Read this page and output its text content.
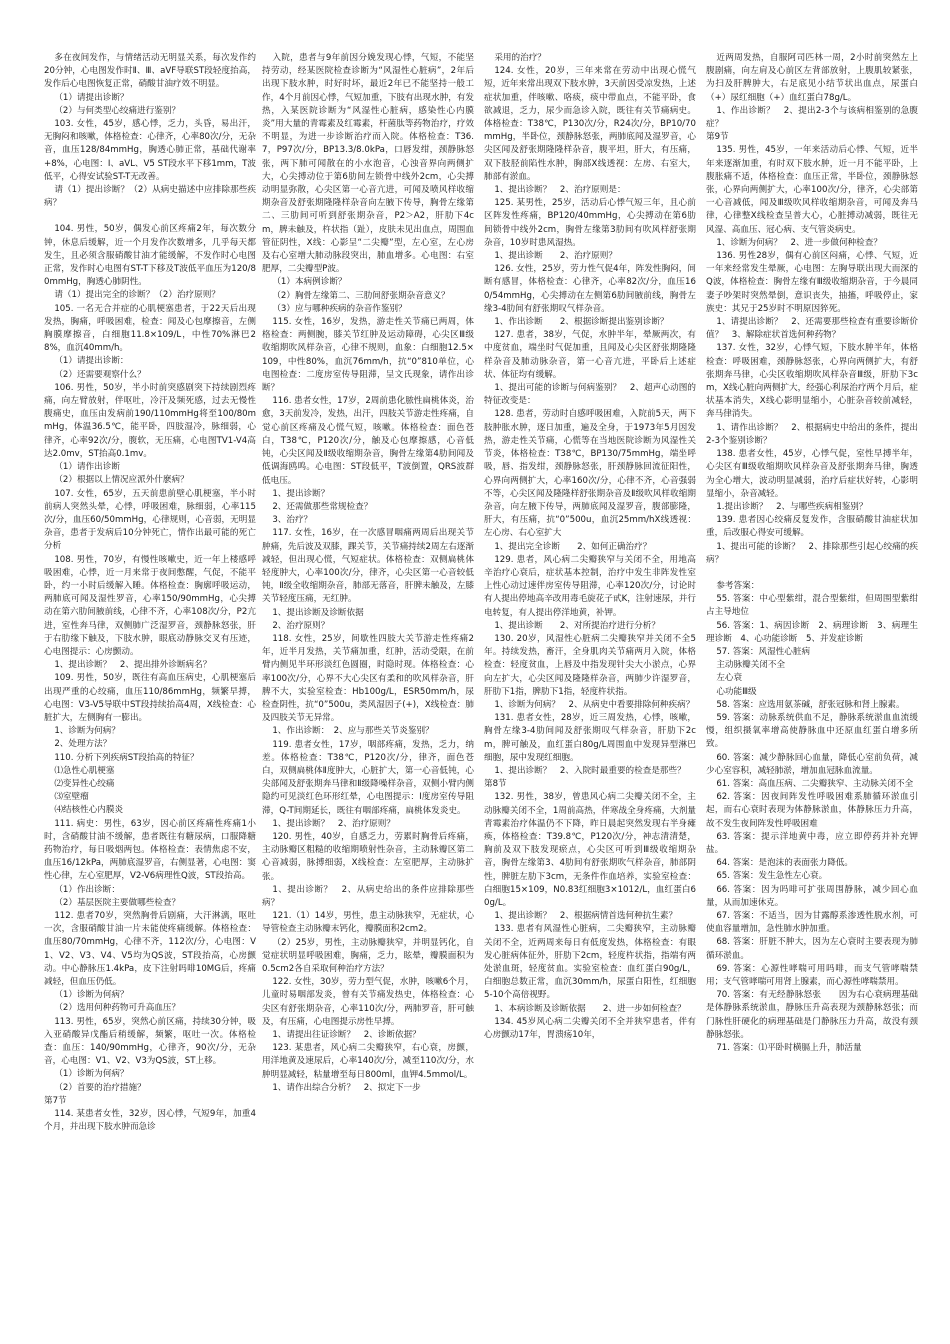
多在夜间发作，与情绪活动无明显关系，每次发作约20分钟，心电图发作时Ⅱ、Ⅲ、aVF导联ST段轻度抬高，发作后心电图恢复正常，硝酸甘油疗效不明显。

（1）请提出诊断？

（2）与何类型心绞痛进行鉴别？

103. 女性，45岁，感心悸，乏力，头昏，易出汗，无胸闷和咳嗽，体格检查：心律齐，心率80次/分，无杂音，血压128/84mmHg，胸透心肺正常，基础代谢率+8%，心电图：Ⅰ、aVL、V5 ST段水平下移1mm，T波低平，心得安试验ST-T无改善。

请（1）提出诊断？（2）从病史描述中应排除那些疾病？

104. 男性，50岁，偶发心前区疼痛2年，每次数分钟，休息后缓解，近一个月发作次数增多，几乎每天都发生，且必须含服硝酸甘油才能缓解，不发作时心电图正常，发作时心电图有ST-T下移及T波低平血压为120/80mmHg，胸透心肺阴性。

请（1）提出完全的诊断？（2）治疗原则？

105. 一名无合并症的心肌梗塞患者，于22天后出现发热，胸痛，呼吸困难，检查：闻及心包摩擦音，左侧胸膜摩擦音，白细胞11.8×109/L，中性70%淋巴28%，血沉40mm/h。

（1）请提出诊断：

（2）还需要观察什么？

106. 男性，50岁，半小时前突感剧突下持续剧烈疼痛，向左臂放射，伴呕吐，冷汗及频死感，过去无慢性腹痛史，血压由发病前190/110mmHg将至100/80mmHg，体温36.5℃，能平卧，四肢湿冷，脉细弱，心律齐，心率92次/分，腹软，无压痛，心电图TV1-V4高达2.0mv，ST抬高0.1mv。

（1）请作出诊断

（2）根据以上情况应派外什麽病？

107. 女性，65岁，五天前患前壁心肌梗塞，半小时前病人突然头晕，心悸，呼吸困难，脉细弱，心率115次/分，血压60/50mmHg，心律规则，心音弱，无明显杂音，患者于发病后10分钟死亡，情作出最可能的死亡分析

108. 男性，70岁，有慢性咳嗽史，近一年上楼感呼吸困难，心悸，近一月来常于夜间憋醒，气促，不能平卧，约一小时后缓解入睡。体格检查：胸廓呼吸运动，两肺底可闻及湿性罗音，心率150/90mmHg，心尖搏动在第六肋间腋前线，心律不齐，心率108次/分，P2亢进，室性奔马律，双侧肺广泛湿罗音，颈静脉怒张，肝于右肋缘下触及，下肢水肿，眼底动静脉交叉有压迹，心电图提示：心房颤动。

1、提出诊断？　2、提出排外诊断病名？

109. 男性，50岁，既往有高血压病史，心肌梗塞后出现严重的心绞痛，血压110/86mmHg，频繁早搏，心电图：V3-V5导联中ST段持续抬高4周，X线检查：心脏扩大，左侧胸有一膨出。

1、诊断为何病？

2、处理方法？

110. 分析下列疾病ST段抬高的特征？

⑴急性心肌梗塞

⑵变异性心绞痛

⑶室壁瘤

⑷结核性心内膜炎

111. 病史：男性，63岁，因心前区疼痛性疼痛1小时，含硝酸甘油不缓解，患者既往有糖尿病，口服降糖药物治疗，每日吸烟两包。体格检查：表情焦虑不安，血压16/12kPa，两肺底湿罗音，右侧显著，心电图：窦性心律，左心室肥厚，V2-V6病理性Q波，ST段抬高。

（1）作出诊断：

（2）基层医院主要做哪些检查？

112. 患者70岁，突然胸骨后剧痛，大汗淋漓，呕吐一次，含服硝酸甘油一片未能使疼痛缓解。体格检查：血压80/70mmHg，心律不齐，112次/分，心电图：V1、V2、V3、V4、V5均为QS波，ST段抬高，心房颤动。中心静脉压1.4kPa，皮下注射吗啡10MG后，疼痛减轻，但血压仍低。

（1）诊断为何病？

（2）选用何种药物可升高血压？

113. 男性，65岁，突然心前区痛，持续30分钟，吸入亚硝酸异戊酯后稍缓解，频繁，呕吐一次。体格检查：血压：140/90mmHg，心律齐，90次/分，无杂音，心电图：V1、V2、V3为QS波，ST上移。

（1）诊断为何病？

（2）首要的治疗措施？

第7节

114. 某患者女性，32岁，因心悸，气短9年，加重4个月，并出现下肢水肿而急诊

入院，患者与9年前因分娩发现心悸，气短，不能坚持劳动，经某医院检查诊断为“风湿性心脏病”，2年后出现下肢水肿，时好时坏，最近2年已不能坚持一般工作，4个月前因心悸，气短加重，下肢有出现水肿，有发热，入某医院诊断为“风湿性心脏病，感染性心内膜炎”用大量的青霉素及红霉素，杆菌肽等药物治疗，疗效不明显，为进一步诊断治疗而入院。体格检查：T36.7，P97次/分，BP13.3/8.0kPa，口唇发绀，颈静脉怒张，两下肺可闻散在的小水泡音，心浊音界向两侧扩大，心尖搏动位于第6肋间左锁骨中线外2cm，心尖搏动明显弥散，心尖区第一心音亢进，可闻及喷风样收缩期杂音及舒张期隆隆样杂音向左腋下传导，胸骨左缘第二、三肋间可听到舒张期杂音，P2＞A2，肝肋下4cm，脾未触及，杵状指（趾），皮肤未见出血点，周围血管征阴性，X线：心影呈“二尖瓣”型，左心室，左心房及右心室增大肺动脉段突出，肺血增多。心电图：右室肥厚，二尖瓣型P波。

（1）本病例诊断？

（2）胸骨左缘第二、三肋间舒张期杂音意义？

（3）应与哪种疾病的杂音作鉴别？

115. 女性，16岁，发热，游走性关节痛已两周，体格检查：两侧腕，膝关节红肿及运动障碍，心尖区Ⅲ级收缩期吹风样杂音，心律不规则，血象：白细胞12.5×109，中性80%，血沉76mm/h，抗“0”810单位，心电图检查：二度房室传导阻滞，呈文氏现象，请作出诊断？

116. 患者女性，17岁，2周前患化脓性扁桃体炎，治愈，3天前发冷，发热，出汗，四肢关节游走性疼痛，自觉心前区疼痛及心慌气短，咳嗽。体格检查：面色苍白，T38℃，P120次/分，触及心包摩擦感，心音低钝，心尖区闻及Ⅱ级收缩期杂音，胸骨左缘第4肋间闻及低调海鸥鸣。心电图：ST段低平，T波倒置，QRS波群低电压。

1、提出诊断？

2、还需做那些常规检查？

3、治疗？

117. 女性，16岁，在一次感冒咽痛两周后出现关节肿痛，先后波及双膝，踝关节，关节痛持续2周左右逐渐减轻，但出现心慌，气短症状。体格检查：双侧扁桃体轻度肿大，心率100次/分，律齐，心尖区第一心音较低钝，Ⅱ级全收缩期杂音，肺部无落音，肝脾未触及，左膝关节轻度压痛，无红肿。

1、提出诊断及诊断依据

2、治疗原则？

118. 女性，25岁，间歇性四肢大关节游走性疼痛2年，近半月发热，关节痛加重，红肿，活动受限，在前臂内侧见半环形淡红色圆圈，时隐时现。体格检查：心率100次/分，心界不大心尖区有柔和的吹风样杂音，肝脾不大，实验室检查：Hb100g/L，ESR50mm/h，尿检查阴性，抗“0”500u，类风湿因子(+)，X线检查：肺及四肢关节无异常。

1、作出诊断：　2、应与那些关节炎鉴别？

119. 患者女性，17岁，咽部疼痛，发热，乏力，纳差。体格检查：T38℃，P120次/分，律齐，面色苍白，双侧扁桃体Ⅱ度肿大，心脏扩大，第一心音低钝，心尖部闻及舒张期奔马律和Ⅱ级降噪样杂音，双侧小臂内侧隐约可见淡红色环形红晕，心电图提示：I度房室传导阻滞，Q-T间期延长，既往有咽部疼痛，扁桃体发炎史。

1、提出诊断？　2、治疗原则？

120. 男性，40岁，自感乏力，劳累时胸骨后疼痛，主动脉瓣区粗糙的收缩期喷射性杂音，主动脉瓣区第二心音减弱，脉搏细弱，X线检查：左室肥厚，主动脉扩张。

1、提出诊断？　2、从病史给出的条件应排除那些病？

121.（1）14岁，男性，患主动脉狭窄，无症状，心导管检查主动脉瓣末钙化，瓣膜面积2cm2。

（2）25岁，男性，主动脉瓣狭窄，并明显钙化，自觉症状明显呼吸困难，胸痛，乏力，眩晕，瓣膜面积为0.5cm2各自采取何种治疗方法？

122. 女性，30岁，劳力型气促，水肿，咳嗽6个月，儿童时易咽部发炎，曾有关节痛发热史，体格检查：心尖区有舒张期杂音，心率110次/分，两肺罗音，肝可触及，有压痛，心电图提示房性早搏。

1、请提出往证诊断？　2、诊断依据？

123. 某患者，风心病二尖瓣狭窄，右心衰，房颤，用洋地黄及速尿后，心率140次/分，减至110次/分，水肿明显减轻，粘量增至每日800ml，血钾4.5mmol/L。

1、请作出综合分析？　2、拟定下一步

采用的治疗？

124. 女性，20岁，三年来常在劳动中出现心慌气短，近年来常出现双下肢水肿，3天前因受凉发热，上述症状加重，伴咳嗽、咯痰，痰中带血点，不能平卧，食欲减退，乏力，尿少而急诊入院，既往有关节痛病史。体格检查：T38℃，P130次/分，R24次/分，BP10/70mmHg，半卧位，颈静脉怒张，两肺底闻及湿罗音，心尖区闻及舒张期隆隆样杂音，腹平坦，肝大，有压痛，双下肢胫前陷性水肿，胸部X线透视：左房、右室大，肺部有淤血。

1、提出诊断？　2、治疗原则是：

125. 某男性，25岁，活动后心悸气短三年，且心前区阵发性疼痛，BP120/40mmHg，心尖搏动在第6肋间锁骨中线外2cm，胸骨左缘第3肋间有吹风样舒张期杂音，10岁时患风湿热。

1、提出诊断　　2、治疗原则？

126. 女性，25岁，劳力性气促4年，阵发性胸闷，间断有感冒，体格检查：心律齐，心率82次/分，血压160/54mmHg，心尖搏动在左侧第6肋间腋前线，胸骨左缘3-4肋间有舒张期叹气样杂音。

1、作出诊断　　2、根据诊断提出鉴别诊断？

127. 患者，38岁，气促，水肿半年，晕厥两次，有中度贫血，端坐时气促加重，且闻及心尖区舒张期隆隆样杂音及肺动脉杂音，第一心音亢进，平卧后上述症状、体征均有缓解。

1、提出可能的诊断与何病鉴别？　2、超声心动图的特征改变是：

128. 患者，劳动时自感呼吸困难，入院前5天，两下肢肿胀水肿，逐日加重，遍及全身，于1973年5月因发热，游走性关节痛，心慌等在当地医院诊断为风湿性关节炎，体格检查：T38℃，BP130/75mmHg，端坐呼吸，唇、指发绀，颈静脉怒张，肝颈静脉回流征阳性，心界向两侧扩大，心率160次/分，心律不齐，心音强弱不等，心尖区闻及隆隆样舒张期杂音及Ⅱ级吹风样收缩期杂音，向左腋下传导，两肺底闻及湿罗音，腹部膨隆，肝大，有压痛，抗“0”500u，血沉25mm/hX线透视：左心房、右心室扩大

1、提出完全诊断　　2、如何正确治疗？

129. 患者，风心病二尖瓣狭窄与关闭不全，用地高辛治疗心衰后，症状基本控制，治疗中发生非阵发性室上性心动过速伴房室传导阻滞，心率120次/分，讨论时有人提出停地高辛改用毒毛旋花子甙K，注射速尿，并行电转复，有人提出停洋地黄，补钾。

1、提出诊断　　2、对所提治疗进行分析？

130. 20岁，风湿性心脏病二尖瓣狭窄并关闭不全5年。持续发热，畜汗，全身肌肉关节痛两月入院，体格检查：轻度贫血，上唇及中指发现针尖大小淤点，心界向左扩大，心尖区闻及隆隆样杂音，两肺少许湿罗音，肝肋下1指，脾肋下1指，轻度杵状指。

1、诊断为何病？　2、从病史中看要排除何种疾病？

131. 患者女性，28岁，近三周发热，心悸，咳嗽，胸骨左缘3-4肋间闻及舒张期叹气样杂音，肝肋下2cm，脾可触及，血红蛋白80g/L周围血中发现异型淋巴细胞，尿中发现红细胞。

1、提出诊断？　2、入院时最重要的检查是那些？

第8节

132. 男性，38岁，曾患风心病二尖瓣关闭不全，主动脉瓣关闭不全，1周前高热，伴寒战全身疼痛，大剂量青霉素治疗体温仍不下降，昨日晨起突然发现右半身瘫痪，体格检查：T39.8℃，P120次/分，神志清清楚，胸前及双下肢发现瘀点，心尖区可听到Ⅲ级收缩期杂音，胸骨左缘第3、4肋间有舒张期吹气样杂音，肺部阴性，脾脏左肋下3cm，无条件作血培养，实验室检查：白细胞15×109，N0.83红细胞3×1012/L，血红蛋白60g/L。

1、提出诊断？　2、根据病情首选何种抗生素？

133. 患者有风湿性心脏病，二尖瓣狭窄，主动脉瓣关闭不全，近两周来每日有低度发热，体格检查：有眼发心脏病体征外，肝肋下2cm，轻度杵状指，指端有两处淤血斑，轻度贫血。实验室检查：血红蛋白90g/L，白细胞总数正常，血沉30mm/h，尿蛋白阳性，红细胞5-10个高倍视野。

1、本病诊断及诊断依据　　2、进一步如何检查？

134. 45岁风心病二尖瓣关闭不全并狭窄患者，伴有心房颤动17年，胃溃疡10年，

近两周发热，自服阿司匹林一周，2小时前突然左上腹剧痛，向左肩及心前区左背部放射，上腹肌较紧张，为扫及肝脾肿大，右足底见小结节状出血点，尿蛋白（+）尿红细胞（+）血红蛋白78g/L。

1、作出诊断？　2、提出2-3个与该病相鉴别的急腹症？

第9节

135. 男性，45岁，一年来活动后心悸、气短，近半年来逐渐加重，有时双下肢水肿，近一月不能平卧，上腹胀痛不适，体格检查：血压正常，半卧位，颈静脉怒张，心界向两侧扩大，心率100次/分，律齐，心尖部第一心音减低，闻及Ⅲ级吹风样收缩期杂音，可闻及奔马律，心律整X线检查呈普大心，心脏搏动减弱，既往无风湿、高血压、冠心病、支气管炎病史。

1、诊断为何病？　2、进一步做何种检查？

136. 男性28岁，偶有心前区闷痛，心悸、气短，近一年来经常发生晕厥，心电图：左胸导联出现大而深的Q波，体格检查：胸骨左缘有Ⅲ级收缩期杂音，于今晨同妻子吵架时突然晕倒，意识丧失，抽搐，呼吸停止，家族史：其兄于25岁时不明原因猝死。

1、请提出诊断？　2、还需要那些检查有重要诊断价值？　3、解除症状首选何种药物？

137. 女性，32岁，心悸气短，下肢水肿半年，体格检查：呼吸困难，颈静脉怒张，心界向两侧扩大，有舒张期奔马律，心尖区收缩期吹风样杂音Ⅲ级，肝肋下3cm，X线心脏向两侧扩大，经强心利尿治疗两个月后，症状基本消失，X线心影明显缩小，心脏杂音较前减轻，奔马律消失。

1、请作出诊断？　2、根据病史中给出的条件，提出2-3个鉴别诊断？

138. 患者女性，45岁，心悸气促，室性早搏半年，心尖区有Ⅲ级收缩期吹风样杂音及舒张期奔马律，胸透为全心增大，波动明显减弱，治疗后症状好转，心影明显缩小，杂音减轻。

1.提出诊断？　2、与哪些疾病相鉴别？

139. 患者因心绞痛反复发作，含服硝酸甘油症状加重，后改服心得安可缓解。

1、提出可能的诊断？　2、排除那些引起心绞痛的疾病？

参考答案：

55. 答案：中心型紫绀，混合型紫绀，但周围型紫绀占主导地位

56. 答案：1、病因诊断　2、病理诊断　3、病理生理诊断　4、心功能诊断　5、并发症诊断

57. 答案：风湿性心脏病

主动脉瓣关闭不全

左心衰

心功能Ⅲ级

58. 答案：应选用氨茶碱，舒张冠脉和肾上腺素。

59. 答案：动脉系统供血不足，静脉系统淤血血流缓慢，组织摄氧率增高使静脉血中还原血红蛋白增多所致。

60. 答案：减少静脉回心血量，降低心室前负荷，减少心室容积，减轻肺淤，增加血冠脉血流量。

61. 答案：高血压病、二尖瓣狭窄、主动脉关闭不全

62. 答案：因夜间阵发性呼吸困难系肺循环淤血引起，而右心衰时表现为体静脉淤血，体静脉压力升高，故不发生夜间阵发性呼吸困难

63. 答案：提示洋地黄中毒，应立即停药并补充钾盐。

64. 答案：是泡沫的表面张力降低。

65. 答案：发生急性左心衰。

66. 答案：因为吗啡可扩张周围静脉，减少回心血量，从而加速休克。

67. 答案：不适当，因为甘露醇系渗透性脱水剂，可使血容量增加，急性肺水肿加重。

68. 答案：肝脏不肿大，因为左心衰时主要表现为肺循环淤血。

69. 答案：心源性哮喘可用吗啡，而支气管哮喘禁用；支气管哮喘可用肾上腺素，而心源性哮喘禁用。

70. 答案：有无经静脉怒张　　因为右心衰病理基础是体静脉系统淤血，静脉压升高表现为颈静脉怒张；而门脉性肝硬化的病理基础是门静脉压力升高，故没有颈静脉怒张。

71. 答案：⑴平卧时横膈上升，肺活量
